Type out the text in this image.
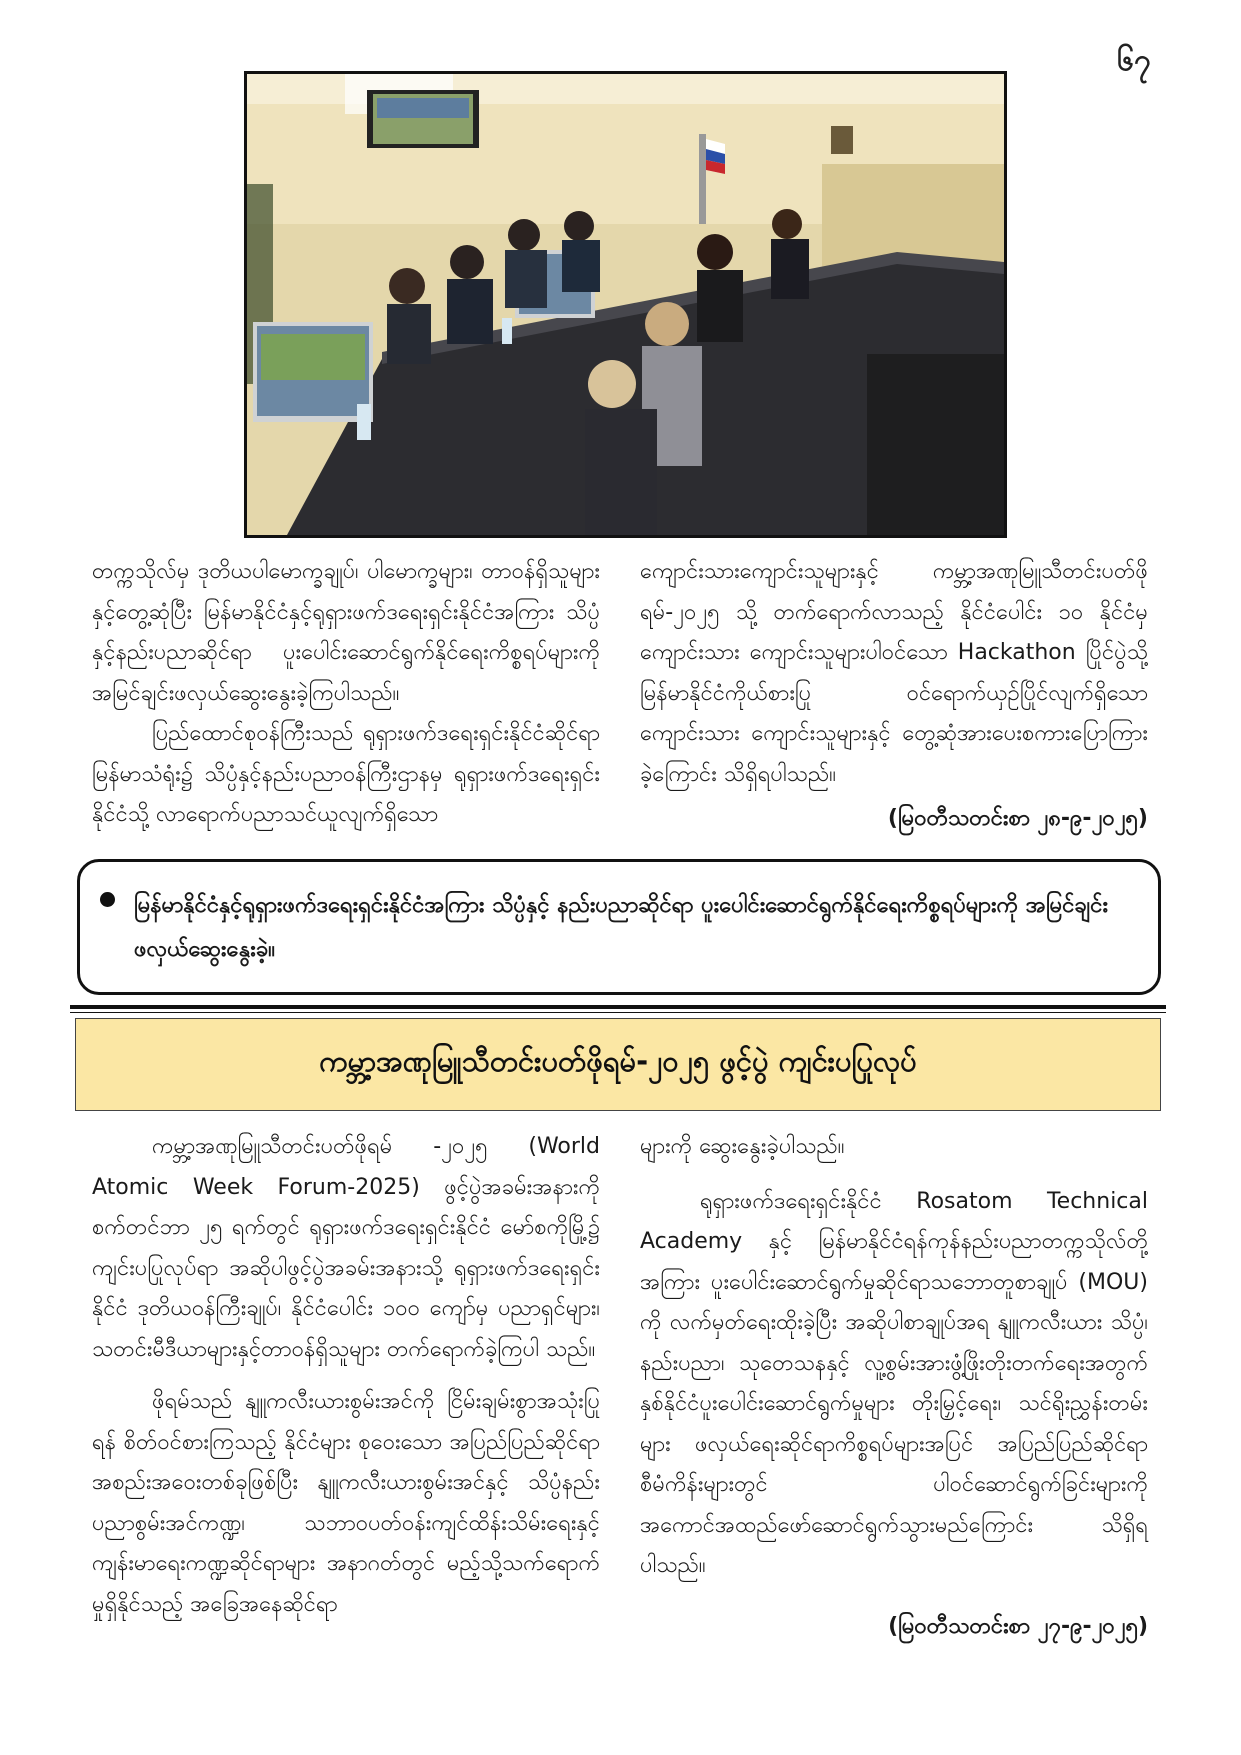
၆၇

တက္ကသိုလ်မှ ဒုတိယပါမောက္ခချုပ်၊ ပါမောက္ခများ၊ တာဝန်ရှိသူများနှင့်တွေ့ဆုံပြီး မြန်မာနိုင်ငံနှင့်ရုရှားဖက်ဒရေးရှင်းနိုင်ငံအကြား သိပ္ပံနှင့်နည်းပညာဆိုင်ရာ ပူးပေါင်းဆောင်ရွက်နိုင်ရေးကိစ္စရပ်များကို အမြင်ချင်းဖလှယ်ဆွေးနွေးခဲ့ကြပါသည်။

ပြည်ထောင်စုဝန်ကြီးသည် ရုရှားဖက်ဒရေးရှင်းနိုင်ငံဆိုင်ရာ မြန်မာသံရုံး၌ သိပ္ပံနှင့်နည်းပညာဝန်ကြီးဌာနမှ ရုရှားဖက်ဒရေးရှင်းနိုင်ငံသို့ လာရောက်ပညာသင်ယူလျက်ရှိသော

ကျောင်းသားကျောင်းသူများနှင့် ကမ္ဘာ့အဏုမြူသီတင်းပတ်ဖိုရမ်-၂၀၂၅ သို့ တက်ရောက်လာသည့် နိုင်ငံပေါင်း ၁၀ နိုင်ငံမှ ကျောင်းသား ကျောင်းသူများပါဝင်သော Hackathon ပြိုင်ပွဲသို့ မြန်မာနိုင်ငံကိုယ်စားပြု ဝင်ရောက်ယှဉ်ပြိုင်လျက်ရှိသော ကျောင်းသား ကျောင်းသူများနှင့် တွေ့ဆုံအားပေးစကားပြောကြားခဲ့ကြောင်း သိရှိရပါသည်။

(မြဝတီသတင်းစာ ၂၈-၉-၂၀၂၅)

မြန်မာနိုင်ငံနှင့်ရုရှားဖက်ဒရေးရှင်းနိုင်ငံအကြား သိပ္ပံနှင့် နည်းပညာဆိုင်ရာ ပူးပေါင်းဆောင်ရွက်နိုင်ရေးကိစ္စရပ်များကို အမြင်ချင်းဖလှယ်ဆွေးနွေးခဲ့။
ကမ္ဘာ့အဏုမြူသီတင်းပတ်ဖိုရမ်-၂၀၂၅ ဖွင့်ပွဲ ကျင်းပပြုလုပ်

ကမ္ဘာ့အဏုမြူသီတင်းပတ်ဖိုရမ် -၂၀၂၅ (World Atomic Week Forum-2025) ဖွင့်ပွဲအခမ်းအနားကို စက်တင်ဘာ ၂၅ ရက်တွင် ရုရှားဖက်ဒရေးရှင်းနိုင်ငံ မော်စကိုမြို့၌ ကျင်းပပြုလုပ်ရာ အဆိုပါဖွင့်ပွဲအခမ်းအနားသို့ ရုရှားဖက်ဒရေးရှင်းနိုင်ငံ ဒုတိယဝန်ကြီးချုပ်၊ နိုင်ငံပေါင်း ၁၀၀ ကျော်မှ ပညာရှင်များ၊ သတင်းမီဒီယာများနှင့်တာဝန်ရှိသူများ တက်ရောက်ခဲ့ကြပါ သည်။

ဖိုရမ်သည် နျူကလီးယားစွမ်းအင်ကို ငြိမ်းချမ်းစွာအသုံးပြုရန် စိတ်ဝင်စားကြသည့် နိုင်ငံများ စုဝေးသော အပြည်ပြည်ဆိုင်ရာ အစည်းအဝေးတစ်ခုဖြစ်ပြီး နျူကလီးယားစွမ်းအင်နှင့် သိပ္ပံနည်းပညာစွမ်းအင်ကဏ္ဍ၊ သဘာဝပတ်ဝန်းကျင်ထိန်းသိမ်းရေးနှင့် ကျန်းမာရေးကဏ္ဍဆိုင်ရာများ အနာဂတ်တွင် မည့်သို့သက်ရောက်မှုရှိနိုင်သည့် အခြေအနေဆိုင်ရာ

များကို ဆွေးနွေးခဲ့ပါသည်။

ရုရှားဖက်ဒရေးရှင်းနိုင်ငံ Rosatom Technical Academy နှင့် မြန်မာနိုင်ငံရန်ကုန်နည်းပညာတက္ကသိုလ်တို့အကြား ပူးပေါင်းဆောင်ရွက်မှုဆိုင်ရာသဘောတူစာချုပ် (MOU) ကို လက်မှတ်ရေးထိုးခဲ့ပြီး အဆိုပါစာချုပ်အရ နျူကလီးယား သိပ္ပံ၊ နည်းပညာ၊ သုတေသနနှင့် လူ့စွမ်းအားဖွံ့ဖြိုးတိုးတက်ရေးအတွက် နှစ်နိုင်ငံပူးပေါင်းဆောင်ရွက်မှုများ တိုးမြှင့်ရေး၊ သင်ရိုးညွှန်းတမ်းများ ဖလှယ်ရေးဆိုင်ရာကိစ္စရပ်များအပြင် အပြည်ပြည်ဆိုင်ရာစီမံကိန်းများတွင် ပါဝင်ဆောင်ရွက်ခြင်းများကို အကောင်အထည်ဖော်ဆောင်ရွက်သွားမည်ကြောင်း သိရှိရပါသည်။

(မြဝတီသတင်းစာ ၂၇-၉-၂၀၂၅)
